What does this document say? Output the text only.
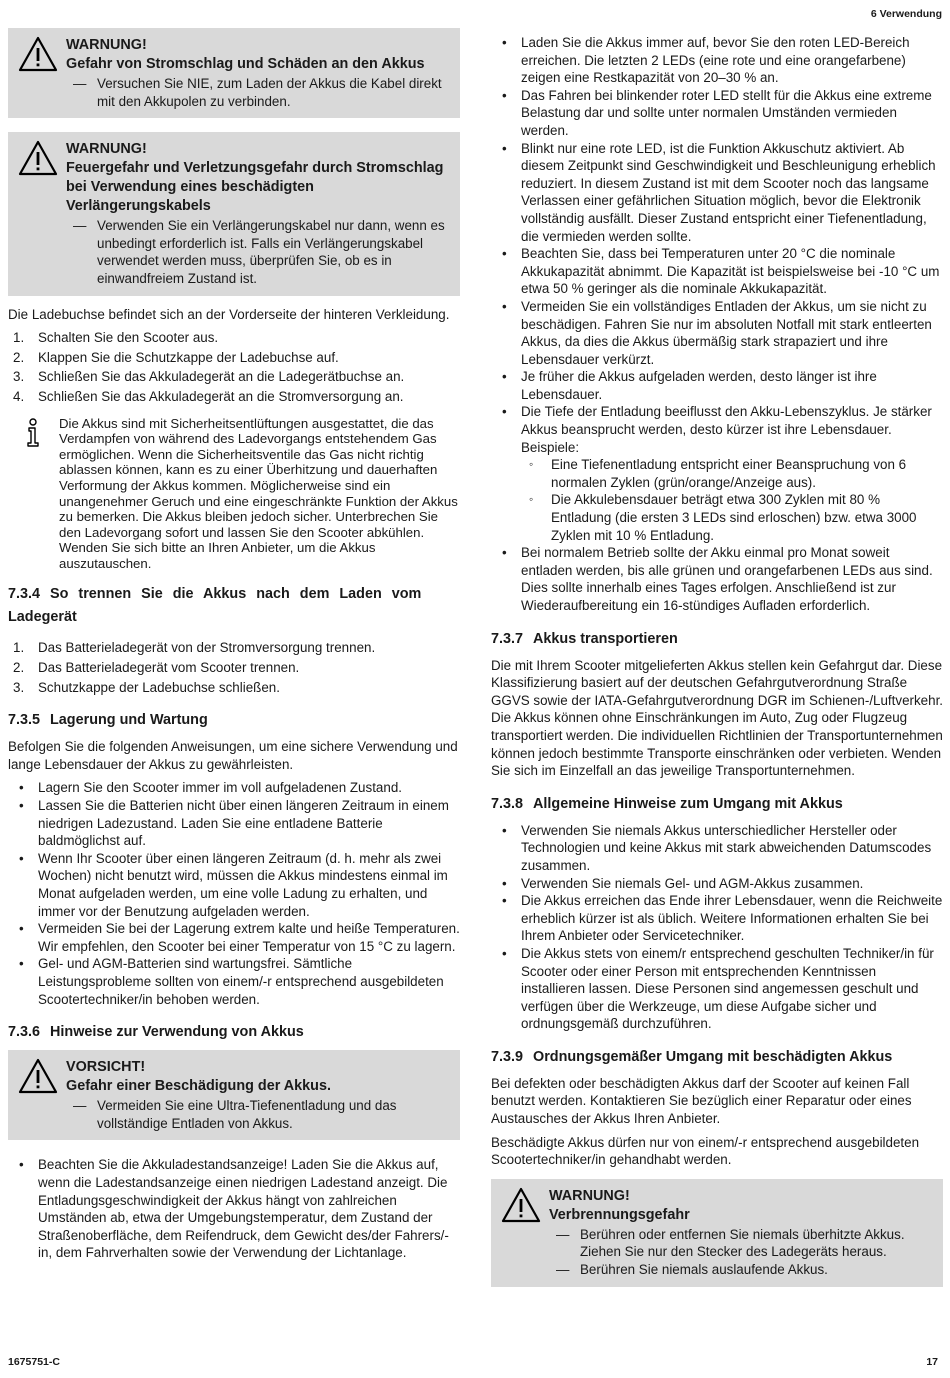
6 Verwendung
WARNUNG!
Gefahr von Stromschlag und Schäden an den Akkus
— Versuchen Sie NIE, zum Laden der Akkus die Kabel direkt mit den Akkupolen zu verbinden.
WARNUNG!
Feuergefahr und Verletzungsgefahr durch Stromschlag bei Verwendung eines beschädigten Verlängerungskabels
— Verwenden Sie ein Verlängerungskabel nur dann, wenn es unbedingt erforderlich ist. Falls ein Verlängerungskabel verwendet werden muss, überprüfen Sie, ob es in einwandfreiem Zustand ist.

Die Ladebuchse befindet sich an der Vorderseite der hinteren Verkleidung.

1. Schalten Sie den Scooter aus.
2. Klappen Sie die Schutzkappe der Ladebuchse auf.
3. Schließen Sie das Akkuladegerät an die Ladegerätbuchse an.
4. Schließen Sie das Akkuladegerät an die Stromversorgung an.
Die Akkus sind mit Sicherheitsentlüftungen ausgestattet, die das Verdampfen von während des Ladevorgangs entstehendem Gas ermöglichen. Wenn die Sicherheitsventile das Gas nicht richtig ablassen können, kann es zu einer Überhitzung und dauerhaften Verformung der Akkus kommen. Möglicherweise sind ein unangenehmer Geruch und eine eingeschränkte Funktion der Akkus zu bemerken. Die Akkus bleiben jedoch sicher. Unterbrechen Sie den Ladevorgang sofort und lassen Sie den Scooter abkühlen. Wenden Sie sich bitte an Ihren Anbieter, um die Akkus auszutauschen.
7.3.4 So trennen Sie die Akkus nach dem Laden vom Ladegerät
1. Das Batterieladegerät von der Stromversorgung trennen.
2. Das Batterieladegerät vom Scooter trennen.
3. Schutzkappe der Ladebuchse schließen.
7.3.5 Lagerung und Wartung

Befolgen Sie die folgenden Anweisungen, um eine sichere Verwendung und lange Lebensdauer der Akkus zu gewährleisten.

• Lagern Sie den Scooter immer im voll aufgeladenen Zustand.
• Lassen Sie die Batterien nicht über einen längeren Zeitraum in einem niedrigen Ladezustand. Laden Sie eine entladene Batterie baldmöglichst auf.
• Wenn Ihr Scooter über einen längeren Zeitraum (d. h. mehr als zwei Wochen) nicht benutzt wird, müssen die Akkus mindestens einmal im Monat aufgeladen werden, um eine volle Ladung zu erhalten, und immer vor der Benutzung aufgeladen werden.
• Vermeiden Sie bei der Lagerung extrem kalte und heiße Temperaturen. Wir empfehlen, den Scooter bei einer Temperatur von 15 °C zu lagern.
• Gel- und AGM-Batterien sind wartungsfrei. Sämtliche Leistungsprobleme sollten von einem/-r entsprechend ausgebildeten Scootertechniker/in behoben werden.
7.3.6 Hinweise zur Verwendung von Akkus
VORSICHT!
Gefahr einer Beschädigung der Akkus.
— Vermeiden Sie eine Ultra-Tiefenentladung und das vollständige Entladen von Akkus.
• Beachten Sie die Akkuladestandsanzeige! Laden Sie die Akkus auf, wenn die Ladestandsanzeige einen niedrigen Ladestand anzeigt. Die Entladungsgeschwindigkeit der Akkus hängt von zahlreichen Umständen ab, etwa der Umgebungstemperatur, dem Zustand der Straßenoberfläche, dem Reifendruck, dem Gewicht des/der Fahrers/-in, dem Fahrverhalten sowie der Verwendung der Lichtanlage.
• Laden Sie die Akkus immer auf, bevor Sie den roten LED-Bereich erreichen. Die letzten 2 LEDs (eine rote und eine orangefarbene) zeigen eine Restkapazität von 20–30 % an.
• Das Fahren bei blinkender roter LED stellt für die Akkus eine extreme Belastung dar und sollte unter normalen Umständen vermieden werden.
• Blinkt nur eine rote LED, ist die Funktion Akkuschutz aktiviert. Ab diesem Zeitpunkt sind Geschwindigkeit und Beschleunigung erheblich reduziert. In diesem Zustand ist mit dem Scooter noch das langsame Verlassen einer gefährlichen Situation möglich, bevor die Elektronik vollständig ausfällt. Dieser Zustand entspricht einer Tiefenentladung, die vermieden werden sollte.
• Beachten Sie, dass bei Temperaturen unter 20 °C die nominale Akkukapazität abnimmt. Die Kapazität ist beispielsweise bei -10 °C um etwa 50 % geringer als die nominale Akkukapazität.
• Vermeiden Sie ein vollständiges Entladen der Akkus, um sie nicht zu beschädigen. Fahren Sie nur im absoluten Notfall mit stark entleerten Akkus, da dies die Akkus übermäßig stark strapaziert und ihre Lebensdauer verkürzt.
• Je früher die Akkus aufgeladen werden, desto länger ist ihre Lebensdauer.
• Die Tiefe der Entladung beeiflusst den Akku-Lebenszyklus. Je stärker Akkus beansprucht werden, desto kürzer ist ihre Lebensdauer. Beispiele:
◦ Eine Tiefenentladung entspricht einer Beanspruchung von 6 normalen Zyklen (grün/orange/Anzeige aus).
◦ Die Akkulebensdauer beträgt etwa 300 Zyklen mit 80 % Entladung (die ersten 3 LEDs sind erloschen) bzw. etwa 3000 Zyklen mit 10 % Entladung.
• Bei normalem Betrieb sollte der Akku einmal pro Monat soweit entladen werden, bis alle grünen und orangefarbenen LEDs aus sind. Dies sollte innerhalb eines Tages erfolgen. Anschließend ist zur Wiederaufbereitung ein 16-stündiges Aufladen erforderlich.
7.3.7 Akkus transportieren

Die mit Ihrem Scooter mitgelieferten Akkus stellen kein Gefahrgut dar. Diese Klassifizierung basiert auf der deutschen Gefahrgutverordnung Straße GGVS sowie der IATA-Gefahrgutverordnung DGR im Schienen-/Luftverkehr. Die Akkus können ohne Einschränkungen im Auto, Zug oder Flugzeug transportiert werden. Die individuellen Richtlinien der Transportunternehmen können jedoch bestimmte Transporte einschränken oder verbieten. Wenden Sie sich im Einzelfall an das jeweilige Transportunternehmen.

7.3.8 Allgemeine Hinweise zum Umgang mit Akkus
• Verwenden Sie niemals Akkus unterschiedlicher Hersteller oder Technologien und keine Akkus mit stark abweichenden Datumscodes zusammen.
• Verwenden Sie niemals Gel- und AGM-Akkus zusammen.
• Die Akkus erreichen das Ende ihrer Lebensdauer, wenn die Reichweite erheblich kürzer ist als üblich. Weitere Informationen erhalten Sie bei Ihrem Anbieter oder Servicetechniker.
• Die Akkus stets von einem/r entsprechend geschulten Techniker/in für Scooter oder einer Person mit entsprechenden Kenntnissen installieren lassen. Diese Personen sind angemessen geschult und verfügen über die Werkzeuge, um diese Aufgabe sicher und ordnungsgemäß durchzuführen.
7.3.9 Ordnungsgemäßer Umgang mit beschädigten Akkus

Bei defekten oder beschädigten Akkus darf der Scooter auf keinen Fall benutzt werden. Kontaktieren Sie bezüglich einer Reparatur oder eines Austausches der Akkus Ihren Anbieter.

Beschädigte Akkus dürfen nur von einem/-r entsprechend ausgebildeten Scootertechniker/in gehandhabt werden.

WARNUNG!
Verbrennungsgefahr
— Berühren oder entfernen Sie niemals überhitzte Akkus. Ziehen Sie nur den Stecker des Ladegeräts heraus.
— Berühren Sie niemals auslaufende Akkus.
1675751-C	17
